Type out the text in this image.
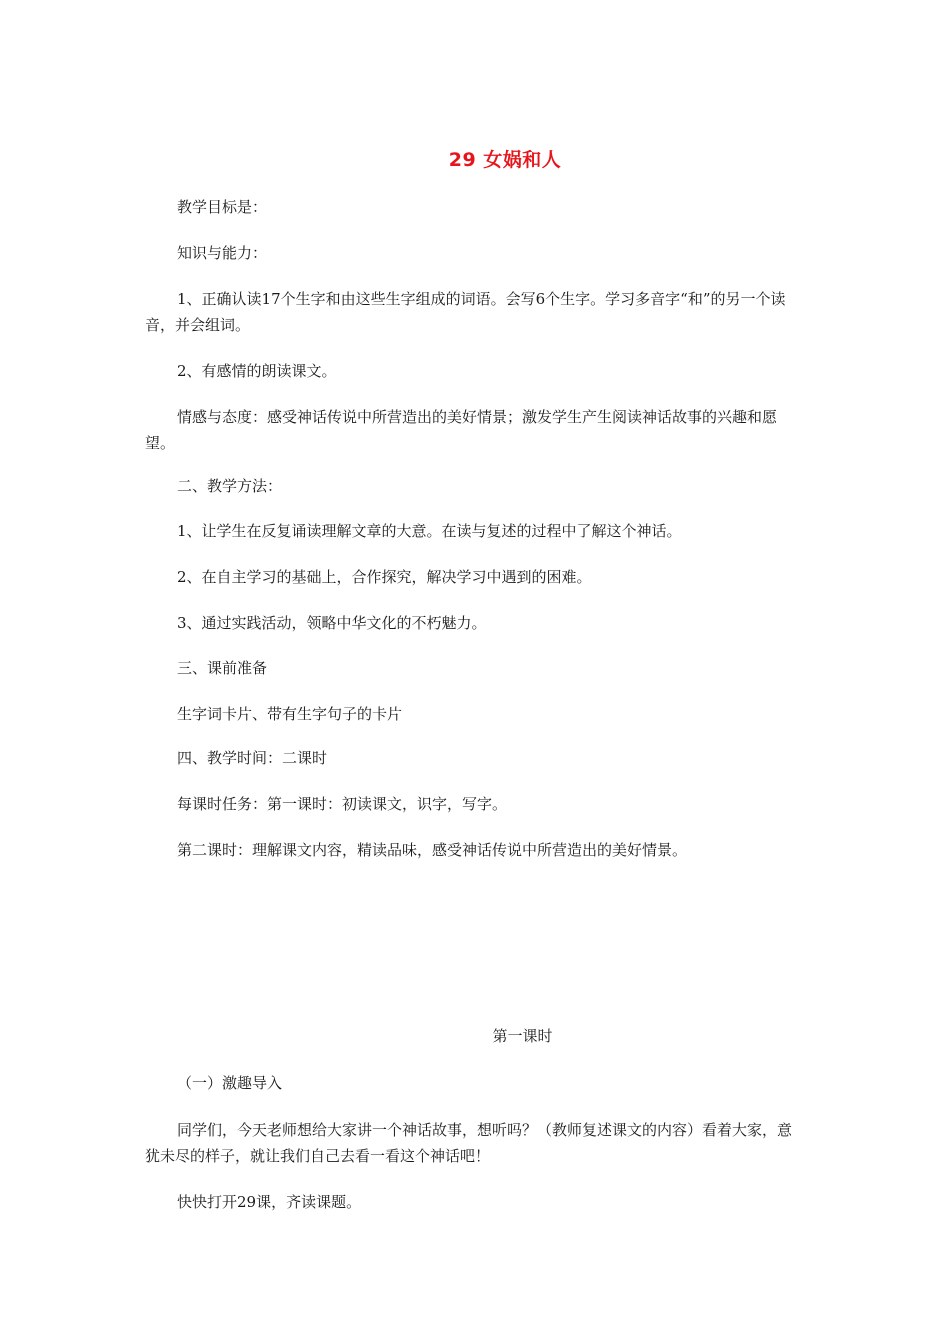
29 女娲和人
教学目标是：
知识与能力：
1、正确认读17个生字和由这些生字组成的词语。会写6个生字。学习多音字“和”的另一个读音，并会组词。
2、有感情的朗读课文。
情感与态度：感受神话传说中所营造出的美好情景；激发学生产生阅读神话故事的兴趣和愿望。
二、教学方法：
1、让学生在反复诵读理解文章的大意。在读与复述的过程中了解这个神话。
2、在自主学习的基础上，合作探究，解决学习中遇到的困难。
3、通过实践活动，领略中华文化的不朽魅力。
三、课前准备
生字词卡片、带有生字句子的卡片
四、教学时间：二课时
每课时任务：第一课时：初读课文，识字，写字。
第二课时：理解课文内容，精读品味，感受神话传说中所营造出的美好情景。
第一课时
（一）激趣导入
同学们，今天老师想给大家讲一个神话故事，想听吗？（教师复述课文的内容）看着大家，意犹未尽的样子，就让我们自己去看一看这个神话吧！
快快打开29课，齐读课题。
